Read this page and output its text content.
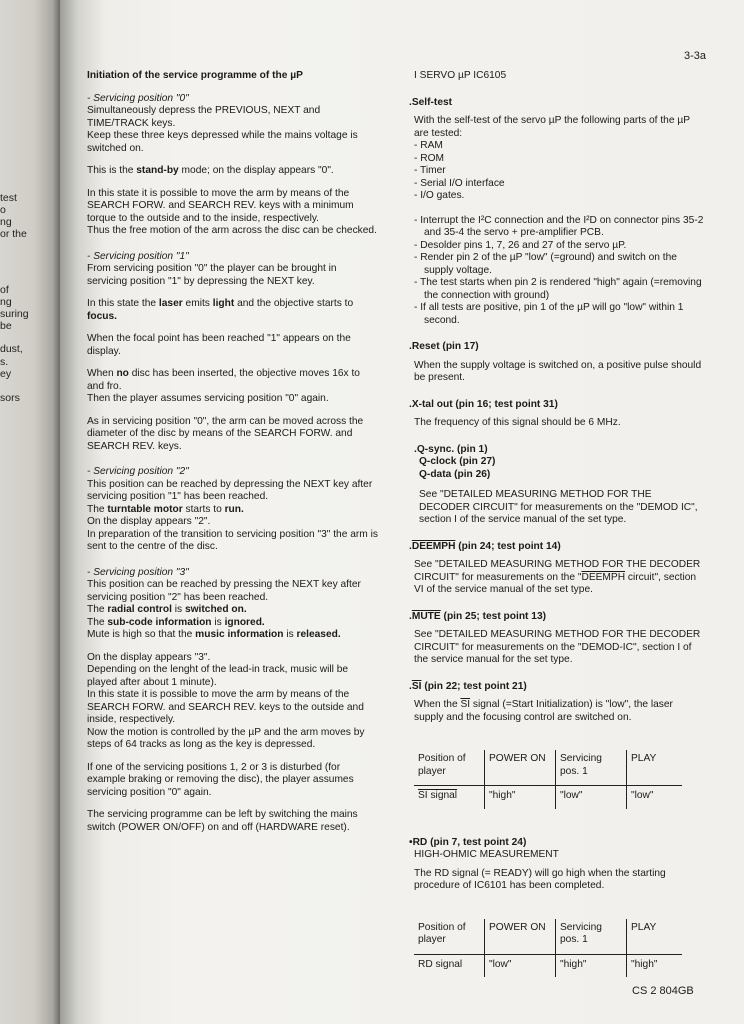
test
o
ng
or the
of
ng
suring
be
dust,
s.
ey
sors
3-3a
Initiation of the service programme of the µP
- Servicing position "0"

Simultaneously depress the PREVIOUS, NEXT and TIME/TRACK keys.
Keep these three keys depressed while the mains voltage is switched on.

This is the stand-by mode; on the display appears "0".

In this state it is possible to move the arm by means of the SEARCH FORW. and SEARCH REV. keys with a minimum torque to the outside and to the inside, respectively.
Thus the free motion of the arm across the disc can be checked.

- Servicing position "1"

From servicing position "0" the player can be brought in servicing position "1" by depressing the NEXT key.

In this state the laser emits light and the objective starts to focus.

When the focal point has been reached "1" appears on the display.

When no disc has been inserted, the objective moves 16x to and fro.
Then the player assumes servicing position "0" again.

As in servicing position "0", the arm can be moved across the diameter of the disc by means of the SEARCH FORW. and SEARCH REV. keys.

- Servicing position "2"

This position can be reached by depressing the NEXT key after servicing position "1" has been reached.
The turntable motor starts to run.
On the display appears "2".
In preparation of the transition to servicing position "3" the arm is sent to the centre of the disc.

- Servicing position "3"

This position can be reached by pressing the NEXT key after servicing position "2" has been reached.
The radial control is switched on.
The sub-code information is ignored.
Mute is high so that the music information is released.

On the display appears "3".
Depending on the lenght of the lead-in track, music will be played after about 1 minute).
In this state it is possible to move the arm by means of the SEARCH FORW. and SEARCH REV. keys to the outside and inside, respectively.
Now the motion is controlled by the µP and the arm moves by steps of 64 tracks as long as the key is depressed.

If one of the servicing positions 1, 2 or 3 is disturbed (for example braking or removing the disc), the player assumes servicing position "0" again.

The servicing programme can be left by switching the mains switch (POWER ON/OFF) on and off (HARDWARE reset).

I SERVO µP IC6105
.Self-test
With the self-test of the servo µP the following parts of the µP are tested:
- RAM
- ROM
- Timer
- Serial I/O interface
- I/O gates.
- Interrupt the I²C connection and the I²D on connector pins 35-2 and 35-4 the servo + pre-amplifier PCB.
- Desolder pins 1, 7, 26 and 27 of the servo µP.
- Render pin 2 of the µP "low" (=ground) and switch on the supply voltage.
- The test starts when pin 2 is rendered "high" again (=removing the connection with ground)
- If all tests are positive, pin 1 of the µP will go "low" within 1 second.
.Reset (pin 17)
When the supply voltage is switched on, a positive pulse should be present.
.X-tal out (pin 16; test point 31)
The frequency of this signal should be 6 MHz.
.Q-sync. (pin 1)
Q-clock (pin 27)
Q-data (pin 26)
See "DETAILED MEASURING METHOD FOR THE DECODER CIRCUIT" for measurements on the "DEMOD IC", section I of the service manual of the set type.
.DEEMPH (pin 24; test point 14)
See "DETAILED MEASURING METHOD FOR THE DECODER CIRCUIT" for measurements on the "DEEMPH circuit", section VI of the service manual of the set type.
.MUTE (pin 25; test point 13)
See "DETAILED MEASURING METHOD FOR THE DECODER CIRCUIT" for measurements on the "DEMOD-IC", section I of the service manual for the set type.
$.\overline{SI}$ (pin 22; test point 21)
When the $\overline{SI}$ signal (=Start Initialization) is "low", the laser supply and the focusing control are switched on.
Position of player	POWER ON	Servicing pos. 1	PLAY
SI signal	"high"	"low"	"low"
•RD (pin 7, test point 24)
HIGH-OHMIC MEASUREMENT
The RD signal (= READY) will go high when the starting procedure of IC6101 has been completed.
Position of player	POWER ON	Servicing pos. 1	PLAY
RD signal	"low"	"high"	"high"
CS 2 804GB
